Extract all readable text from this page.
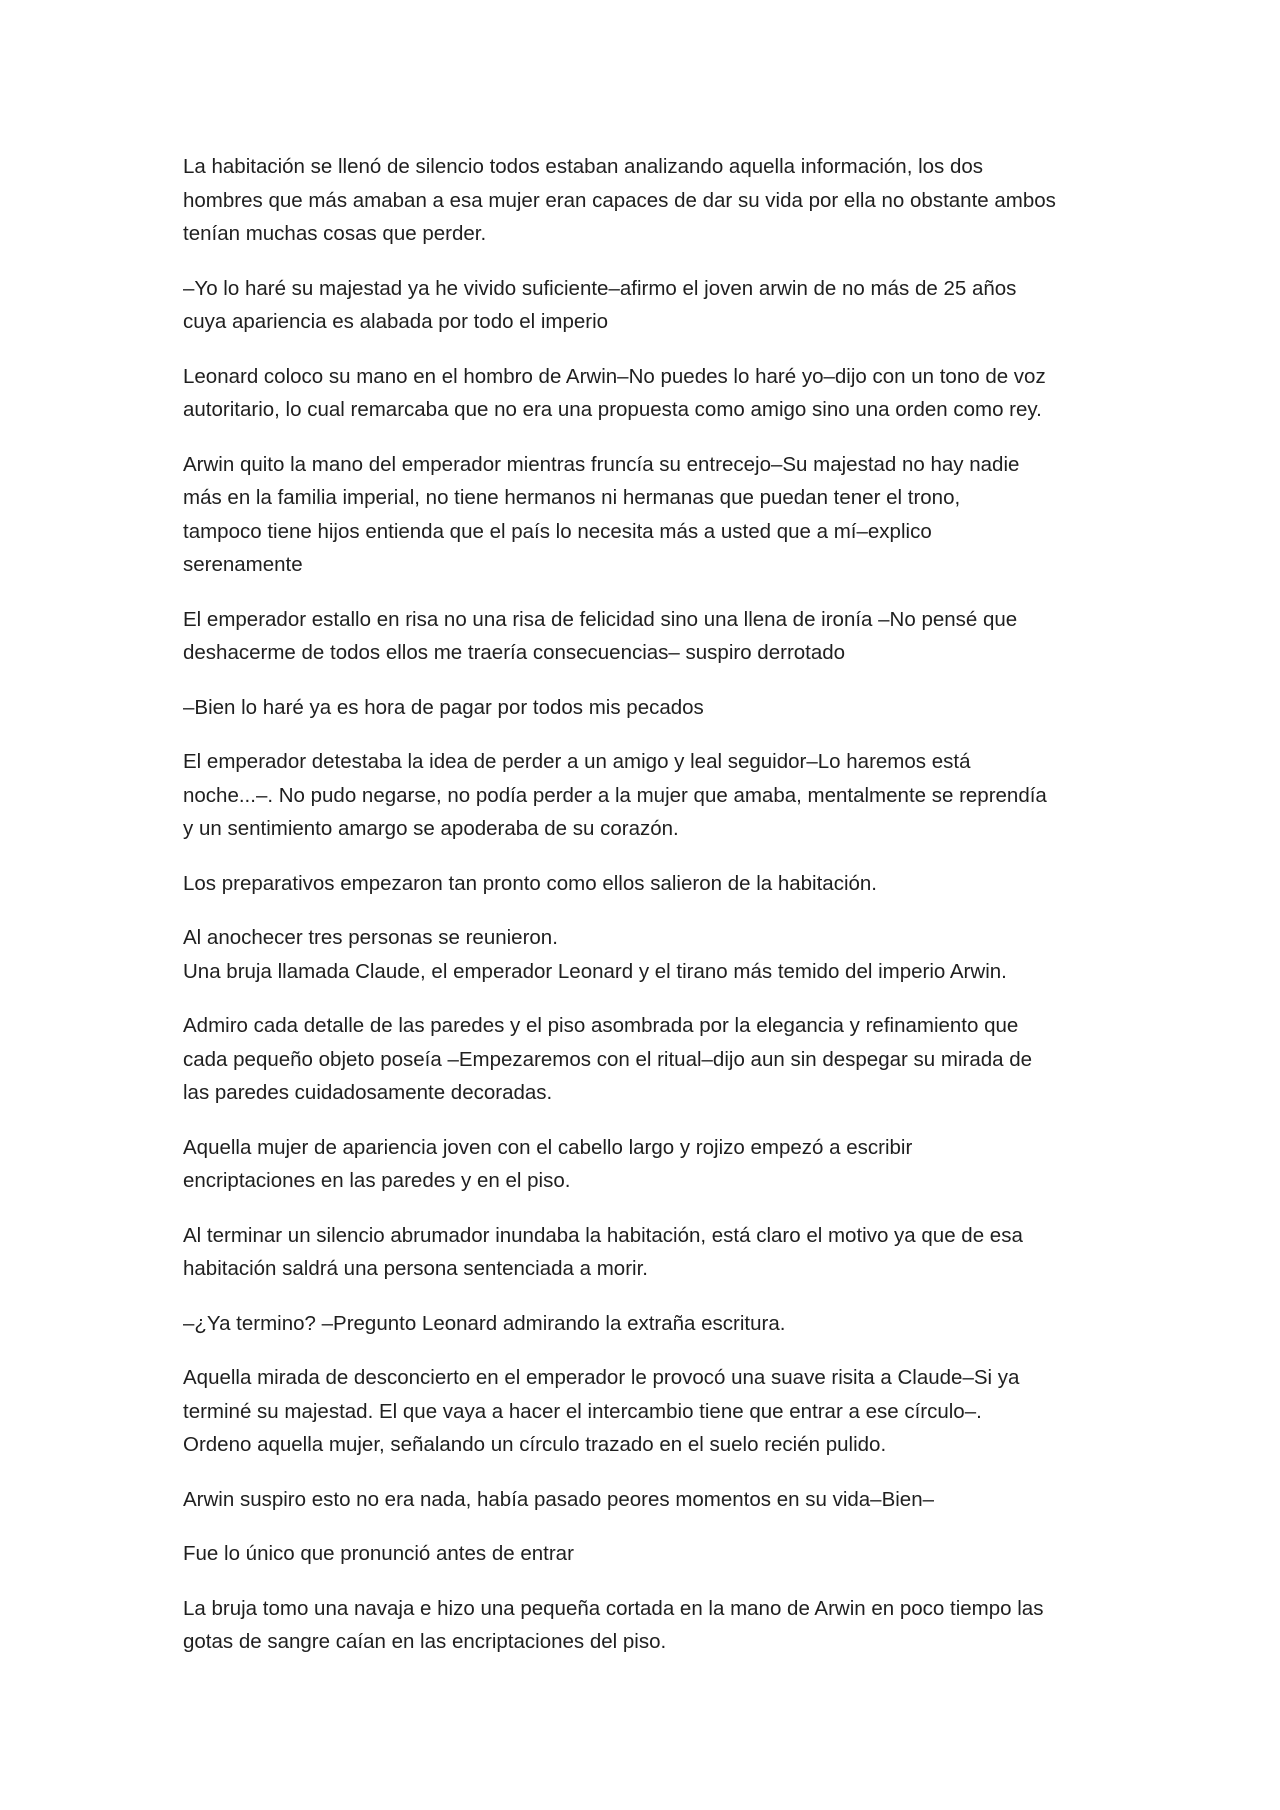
La habitación se llenó de silencio todos estaban analizando aquella información, los dos
hombres que más amaban a esa mujer eran capaces de dar su vida por ella no obstante ambos
tenían muchas cosas que perder.

–Yo lo haré su majestad ya he vivido suficiente–afirmo el joven arwin de no más de 25 años
cuya apariencia es alabada por todo el imperio

Leonard coloco su mano en el hombro de Arwin–No puedes lo haré yo–dijo con un tono de voz
autoritario, lo cual remarcaba que no era una propuesta como amigo sino una orden como rey.

Arwin quito la mano del emperador mientras fruncía su entrecejo–Su majestad no hay nadie
más en la familia imperial, no tiene hermanos ni hermanas que puedan tener el trono,
tampoco tiene hijos entienda que el país lo necesita más a usted que a mí–explico
serenamente

El emperador estallo en risa no una risa de felicidad sino una llena de ironía –No pensé que
deshacerme de todos ellos me traería consecuencias– suspiro derrotado

–Bien lo haré ya es hora de pagar por todos mis pecados

El emperador detestaba la idea de perder a un amigo y leal seguidor–Lo haremos está
noche...–. No pudo negarse, no podía perder a la mujer que amaba, mentalmente se reprendía
y un sentimiento amargo se apoderaba de su corazón.

Los preparativos empezaron tan pronto como ellos salieron de la habitación.

Al anochecer tres personas se reunieron.
Una bruja llamada Claude, el emperador Leonard y el tirano más temido del imperio Arwin.

Admiro cada detalle de las paredes y el piso asombrada por la elegancia y refinamiento que
cada pequeño objeto poseía –Empezaremos con el ritual–dijo aun sin despegar su mirada de
las paredes cuidadosamente decoradas.

Aquella mujer de apariencia joven con el cabello largo y rojizo empezó a escribir
encriptaciones en las paredes y en el piso.

Al terminar un silencio abrumador inundaba la habitación, está claro el motivo ya que de esa
habitación saldrá una persona sentenciada a morir.

–¿Ya termino? –Pregunto Leonard admirando la extraña escritura.

Aquella mirada de desconcierto en el emperador le provocó una suave risita a Claude–Si ya
terminé su majestad. El que vaya a hacer el intercambio tiene que entrar a ese círculo–.
Ordeno aquella mujer, señalando un círculo trazado en el suelo recién pulido.

Arwin suspiro esto no era nada, había pasado peores momentos en su vida–Bien–

Fue lo único que pronunció antes de entrar

La bruja tomo una navaja e hizo una pequeña cortada en la mano de Arwin en poco tiempo las
gotas de sangre caían en las encriptaciones del piso.
